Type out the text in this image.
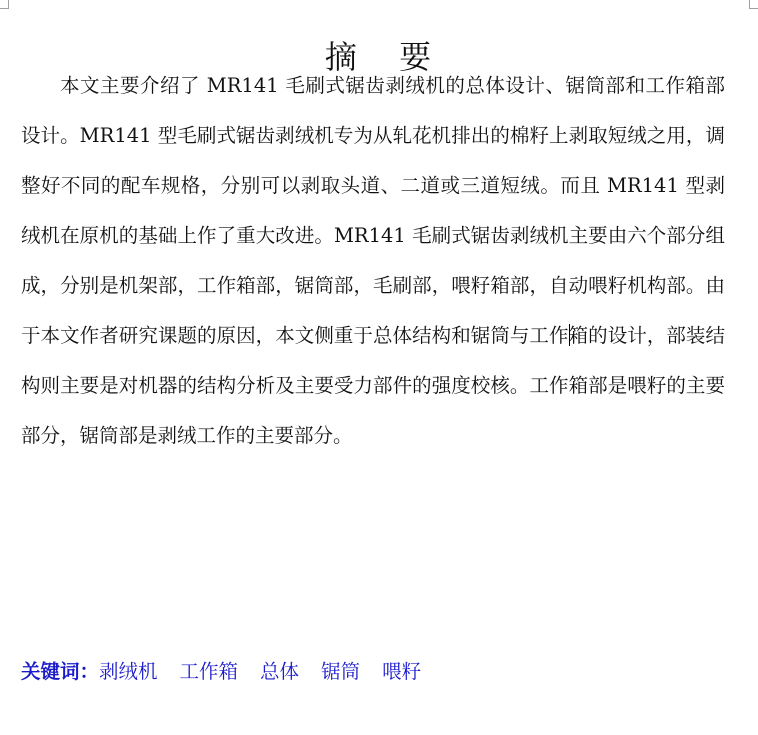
摘 要

本文主要介绍了 MR141 毛刷式锯齿剥绒机的总体设计、锯筒部和工作箱部设计。MR141 型毛刷式锯齿剥绒机专为从轧花机排出的棉籽上剥取短绒之用，调整好不同的配车规格，分别可以剥取头道、二道或三道短绒。而且 MR141 型剥绒机在原机的基础上作了重大改进。MR141 毛刷式锯齿剥绒机主要由六个部分组成，分别是机架部，工作箱部，锯筒部，毛刷部，喂籽箱部，自动喂籽机构部。由于本文作者研究课题的原因，本文侧重于总体结构和锯筒与工作箱的设计，部装结构则主要是对机器的结构分析及主要受力部件的强度校核。工作箱部是喂籽的主要部分，锯筒部是剥绒工作的主要部分。

关键词：剥绒机 工作箱 总体 锯筒 喂籽
